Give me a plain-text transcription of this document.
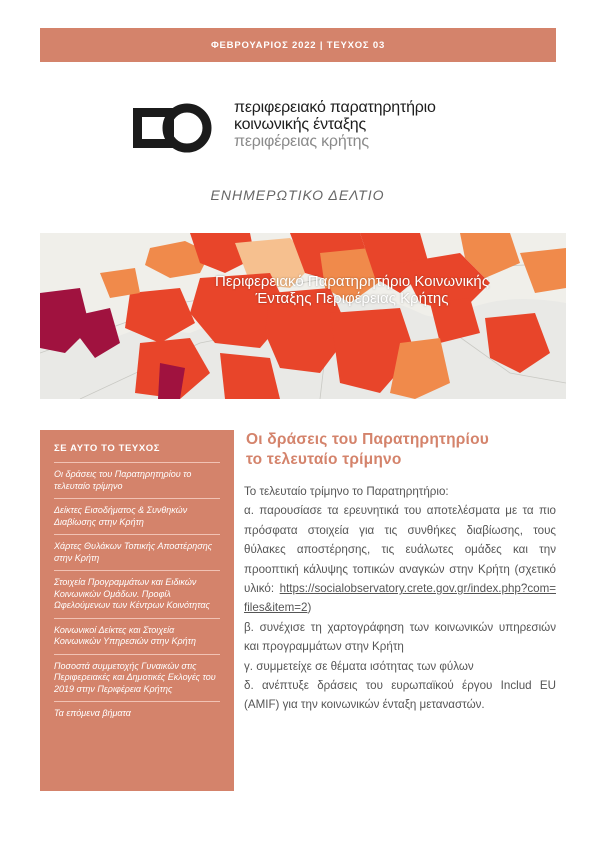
ΦΕΒΡΟΥΑΡΙΟΣ 2022 | ΤΕΥΧΟΣ 03
περιφερειακό παρατηρητήριο
κοινωνικής ένταξης
περιφέρειας κρήτης
ΕΝΗΜΕΡΩΤΙΚΟ ΔΕΛΤΙΟ
Περιφερειακό Παρατηρητήριο Κοινωνικής
Ένταξης Περιφέρειας Κρήτης
ΣΕ ΑΥΤΟ ΤΟ ΤΕΥΧΟΣ
Οι δράσεις του Παρατηρητηρίου το τελευταίο τρίμηνο
Δείκτες Εισοδήματος & Συνθηκών Διαβίωσης στην Κρήτη
Χάρτες Θυλάκων Τοπικής Αποστέρησης στην Κρήτη
Στοιχεία Προγραμμάτων και Ειδικών Κοινωνικών Ομάδων. Προφίλ Ωφελούμενων των Κέντρων Κοινότητας
Κοινωνικοί Δείκτες και Στοιχεία Κοινωνικών Υπηρεσιών στην Κρήτη
Ποσοστά συμμετοχής Γυναικών στις Περιφερειακές και Δημοτικές Εκλογές του 2019 στην Περιφέρεια Κρήτης
Τα επόμενα βήματα
Οι δράσεις του Παρατηρητηρίου
το τελευταίο τρίμηνο

Το τελευταίο τρίμηνο το Παρατηρητήριο:

α. παρουσίασε τα ερευνητικά του αποτελέσματα με τα πιο πρόσφατα στοιχεία για τις συνθήκες διαβίωσης, τους θύλακες αποστέρησης, τις ευάλωτες ομάδες και την προοπτική κάλυψης τοπικών αναγκών στην Κρήτη (σχετικό υλικό: https://socialobservatory.crete.gov.gr/index.php?com=files&item=2)

β. συνέχισε τη χαρτογράφηση των κοινωνικών υπηρεσιών και προγραμμάτων στην Κρήτη

γ. συμμετείχε σε θέματα ισότητας των φύλων

δ. ανέπτυξε δράσεις του ευρωπαϊκού έργου Includ EU (AMIF) για την κοινωνικών ένταξη μεταναστών.
